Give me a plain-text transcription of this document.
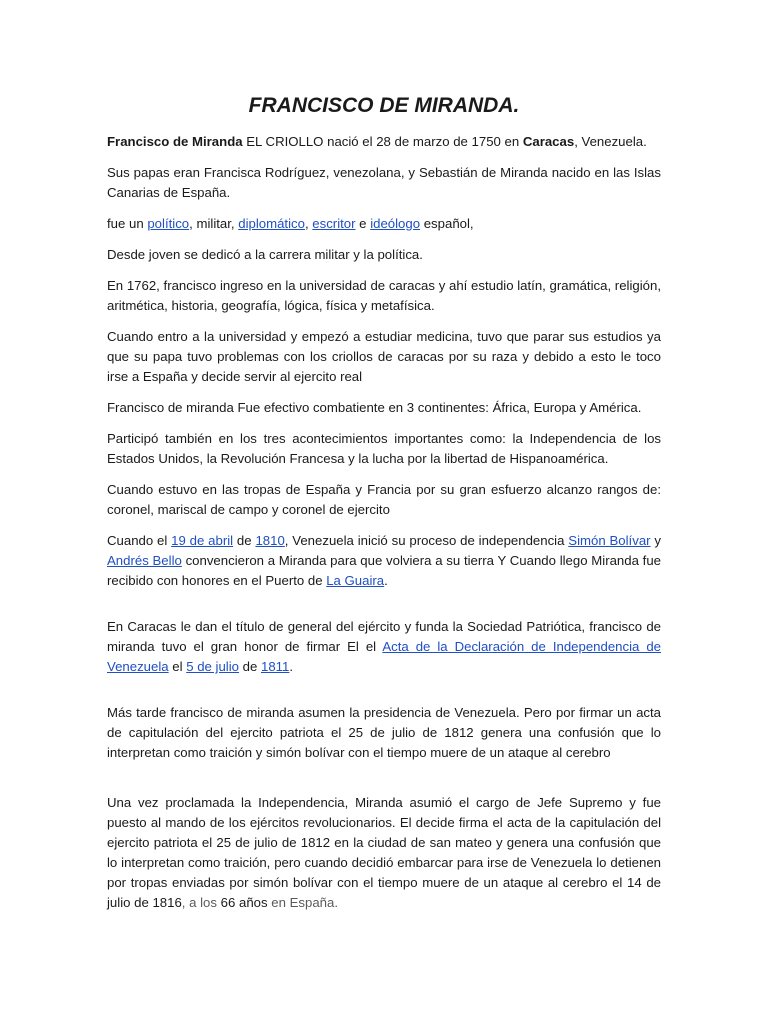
FRANCISCO DE MIRANDA.

Francisco de Miranda EL CRIOLLO nació el 28 de marzo de 1750 en Caracas, Venezuela.

Sus papas eran Francisca Rodríguez, venezolana, y Sebastián de Miranda nacido en las Islas Canarias de España.

fue un político, militar, diplomático, escritor e ideólogo español,

Desde joven se dedicó a la carrera militar y la política.

En 1762, francisco ingreso en la universidad de caracas y ahí estudio latín, gramática, religión, aritmética, historia, geografía, lógica, física y metafísica.

Cuando entro a la universidad y empezó a estudiar medicina, tuvo que parar sus estudios ya que su papa tuvo problemas con los criollos de caracas por su raza y debido a esto le toco irse a España y decide servir al ejercito real

Francisco de miranda Fue efectivo combatiente en 3 continentes: África, Europa y América.

Participó también en los tres acontecimientos importantes como: la Independencia de los Estados Unidos, la Revolución Francesa y la lucha por la libertad de Hispanoamérica.

Cuando estuvo en las tropas de España y Francia por su gran esfuerzo alcanzo rangos de: coronel, mariscal de campo y coronel de ejercito

Cuando el 19 de abril de 1810, Venezuela inició su proceso de independencia Simón Bolívar y Andrés Bello convencieron a Miranda para que volviera a su tierra Y Cuando llego Miranda fue recibido con honores en el Puerto de La Guaira.

En Caracas le dan el título de general del ejército y funda la Sociedad Patriótica, francisco de miranda tuvo el gran honor de firmar El el Acta de la Declaración de Independencia de Venezuela el 5 de julio de 1811.

Más tarde francisco de miranda asumen la presidencia de Venezuela. Pero por firmar un acta de capitulación del ejercito patriota el 25 de julio de 1812 genera una confusión que lo interpretan como traición y simón bolívar con el tiempo muere de un ataque al cerebro

Una vez proclamada la Independencia, Miranda asumió el cargo de Jefe Supremo y fue puesto al mando de los ejércitos revolucionarios. El decide firma el acta de la capitulación del ejercito patriota el 25 de julio de 1812 en la ciudad de san mateo y genera una confusión que lo interpretan como traición, pero cuando decidió embarcar para irse de Venezuela lo detienen por tropas enviadas por simón bolívar con el tiempo muere de un ataque al cerebro el 14 de julio de 1816, a los 66 años en España.
